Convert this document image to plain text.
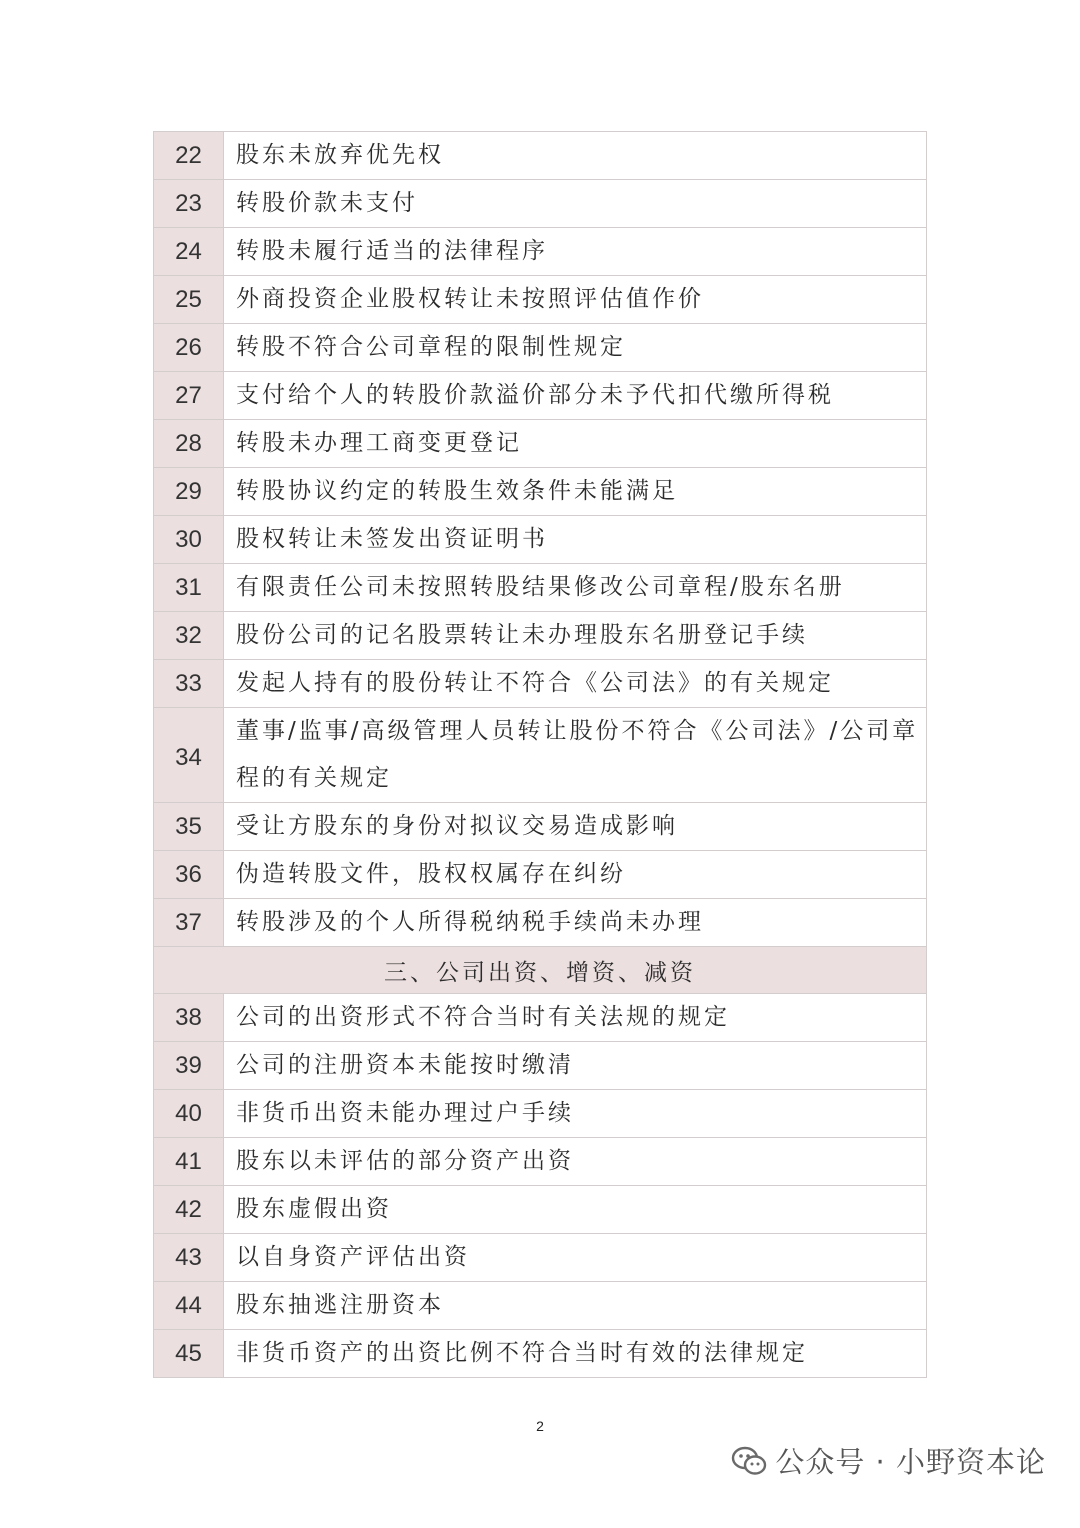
22	股东未放弃优先权
23	转股价款未支付
24	转股未履行适当的法律程序
25	外商投资企业股权转让未按照评估值作价
26	转股不符合公司章程的限制性规定
27	支付给个人的转股价款溢价部分未予代扣代缴所得税
28	转股未办理工商变更登记
29	转股协议约定的转股生效条件未能满足
30	股权转让未签发出资证明书
31	有限责任公司未按照转股结果修改公司章程/股东名册
32	股份公司的记名股票转让未办理股东名册登记手续
33	发起人持有的股份转让不符合《公司法》的有关规定
34	董事/监事/高级管理人员转让股份不符合《公司法》/公司章程的有关规定
35	受让方股东的身份对拟议交易造成影响
36	伪造转股文件，股权权属存在纠纷
37	转股涉及的个人所得税纳税手续尚未办理
三、公司出资、增资、减资	
38	公司的出资形式不符合当时有关法规的规定
39	公司的注册资本未能按时缴清
40	非货币出资未能办理过户手续
41	股东以未评估的部分资产出资
42	股东虚假出资
43	以自身资产评估出资
44	股东抽逃注册资本
45	非货币资产的出资比例不符合当时有效的法律规定
2
公众号 · 小野资本论
